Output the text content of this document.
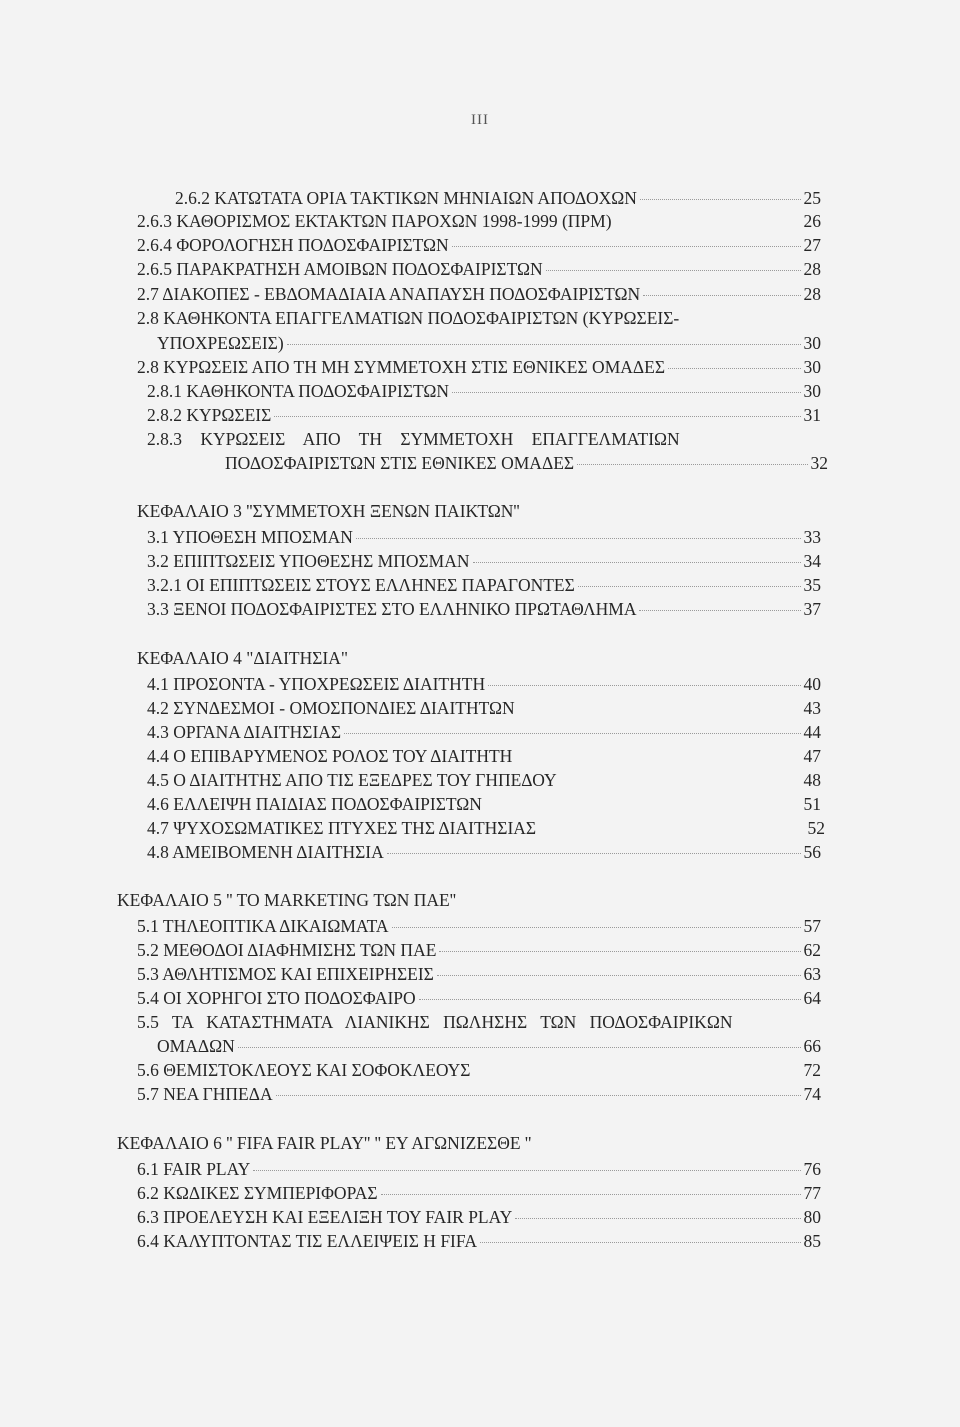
III
2.6.2 ΚΑΤΩΤΑΤΑ ΟΡΙΑ ΤΑΚΤΙΚΩΝ ΜΗΝΙΑΙΩΝ ΑΠΟΔΟΧΩΝ	25
2.6.3 ΚΑΘΟΡΙΣΜΟΣ ΕΚΤΑΚΤΩΝ ΠΑΡΟΧΩΝ 1998-1999 (ΠΡΜ)	26
2.6.4 ΦΟΡΟΛΟΓΗΣΗ ΠΟΔΟΣΦΑΙΡΙΣΤΩΝ	27
2.6.5 ΠΑΡΑΚΡΑΤΗΣΗ ΑΜΟΙΒΩΝ ΠΟΔΟΣΦΑΙΡΙΣΤΩΝ	28
2.7 ΔΙΑΚΟΠΕΣ - ΕΒΔΟΜΑΔΙΑΙΑ ΑΝΑΠΑΥΣΗ ΠΟΔΟΣΦΑΙΡΙΣΤΩΝ	28
2.8 ΚΑΘΗΚΟΝΤΑ ΕΠΑΓΓΕΛΜΑΤΙΩΝ ΠΟΔΟΣΦΑΙΡΙΣΤΩΝ (ΚΥΡΩΣΕΙΣ-
ΥΠΟΧΡΕΩΣΕΙΣ)	30
2.8 ΚΥΡΩΣΕΙΣ ΑΠΟ ΤΗ ΜΗ ΣΥΜΜΕΤΟΧΗ ΣΤΙΣ ΕΘΝΙΚΕΣ ΟΜΑΔΕΣ	30
2.8.1 ΚΑΘΗΚΟΝΤΑ ΠΟΔΟΣΦΑΙΡΙΣΤΩΝ	30
2.8.2 ΚΥΡΩΣΕΙΣ	31
2.8.3 ΚΥΡΩΣΕΙΣ ΑΠΟ ΤΗ ΣΥΜΜΕΤΟΧΗ ΕΠΑΓΓΕΛΜΑΤΙΩΝ
ΠΟΔΟΣΦΑΙΡΙΣΤΩΝ ΣΤΙΣ ΕΘΝΙΚΕΣ ΟΜΑΔΕΣ	32
ΚΕΦΑΛΑΙΟ 3 ''ΣΥΜΜΕΤΟΧΗ ΞΕΝΩΝ ΠΑΙΚΤΩΝ''
3.1 ΥΠΟΘΕΣΗ ΜΠΟΣΜΑΝ	33
3.2 ΕΠΙΠΤΩΣΕΙΣ ΥΠΟΘΕΣΗΣ ΜΠΟΣΜΑΝ	34
3.2.1 ΟΙ ΕΠΙΠΤΩΣΕΙΣ ΣΤΟΥΣ ΕΛΛΗΝΕΣ ΠΑΡΑΓΟΝΤΕΣ	35
3.3 ΞΕΝΟΙ ΠΟΔΟΣΦΑΙΡΙΣΤΕΣ ΣΤΟ ΕΛΛΗΝΙΚΟ ΠΡΩΤΑΘΛΗΜΑ	37
ΚΕΦΑΛΑΙΟ 4 "ΔΙΑΙΤΗΣΙΑ"
4.1 ΠΡΟΣΟΝΤΑ - ΥΠΟΧΡΕΩΣΕΙΣ ΔΙΑΙΤΗΤΗ	40
4.2 ΣΥΝΔΕΣΜΟΙ - ΟΜΟΣΠΟΝΔΙΕΣ ΔΙΑΙΤΗΤΩΝ	43
4.3 ΟΡΓΑΝΑ ΔΙΑΙΤΗΣΙΑΣ	44
4.4 Ο ΕΠΙΒΑΡΥΜΕΝΟΣ ΡΟΛΟΣ ΤΟΥ ΔΙΑΙΤΗΤΗ	47
4.5 Ο ΔΙΑΙΤΗΤΗΣ ΑΠΟ ΤΙΣ ΕΞΕΔΡΕΣ ΤΟΥ ΓΗΠΕΔΟΥ	48
4.6 ΕΛΛΕΙΨΗ ΠΑΙΔΙΑΣ ΠΟΔΟΣΦΑΙΡΙΣΤΩΝ	51
4.7 ΨΥΧΟΣΩΜΑΤΙΚΕΣ ΠΤΥΧΕΣ ΤΗΣ ΔΙΑΙΤΗΣΙΑΣ	52
4.8 ΑΜΕΙΒΟΜΕΝΗ ΔΙΑΙΤΗΣΙΑ	56
ΚΕΦΑΛΑΙΟ 5 '' ΤΟ MARKETING ΤΩΝ ΠΑΕ''
5.1 ΤΗΛΕΟΠΤΙΚΑ ΔΙΚΑΙΩΜΑΤΑ	57
5.2 ΜΕΘΟΔΟΙ ΔΙΑΦΗΜΙΣΗΣ ΤΩΝ ΠΑΕ	62
5.3 ΑΘΛΗΤΙΣΜΟΣ ΚΑΙ ΕΠΙΧΕΙΡΗΣΕΙΣ	63
5.4 ΟΙ ΧΟΡΗΓΟΙ ΣΤΟ ΠΟΔΟΣΦΑΙΡΟ	64
5.5 ΤΑ ΚΑΤΑΣΤΗΜΑΤΑ ΛΙΑΝΙΚΗΣ ΠΩΛΗΣΗΣ ΤΩΝ ΠΟΔΟΣΦΑΙΡΙΚΩΝ
ΟΜΑΔΩΝ	66
5.6 ΘΕΜΙΣΤΟΚΛΕΟΥΣ ΚΑΙ ΣΟΦΟΚΛΕΟΥΣ	72
5.7 ΝΕΑ ΓΗΠΕΔΑ	74
ΚΕΦΑΛΑΙΟ 6 '' FIFA FAIR PLAY'' '' ΕΥ ΑΓΩΝΙΖΕΣΘΕ ''
6.1 FAIR PLAY	76
6.2 ΚΩΔΙΚΕΣ ΣΥΜΠΕΡΙΦΟΡΑΣ	77
6.3 ΠΡΟΕΛΕΥΣΗ ΚΑΙ ΕΞΕΛΙΞΗ ΤΟΥ FAIR PLAY	80
6.4 ΚΑΛΥΠΤΟΝΤΑΣ ΤΙΣ ΕΛΛΕΙΨΕΙΣ Η FIFA	85
